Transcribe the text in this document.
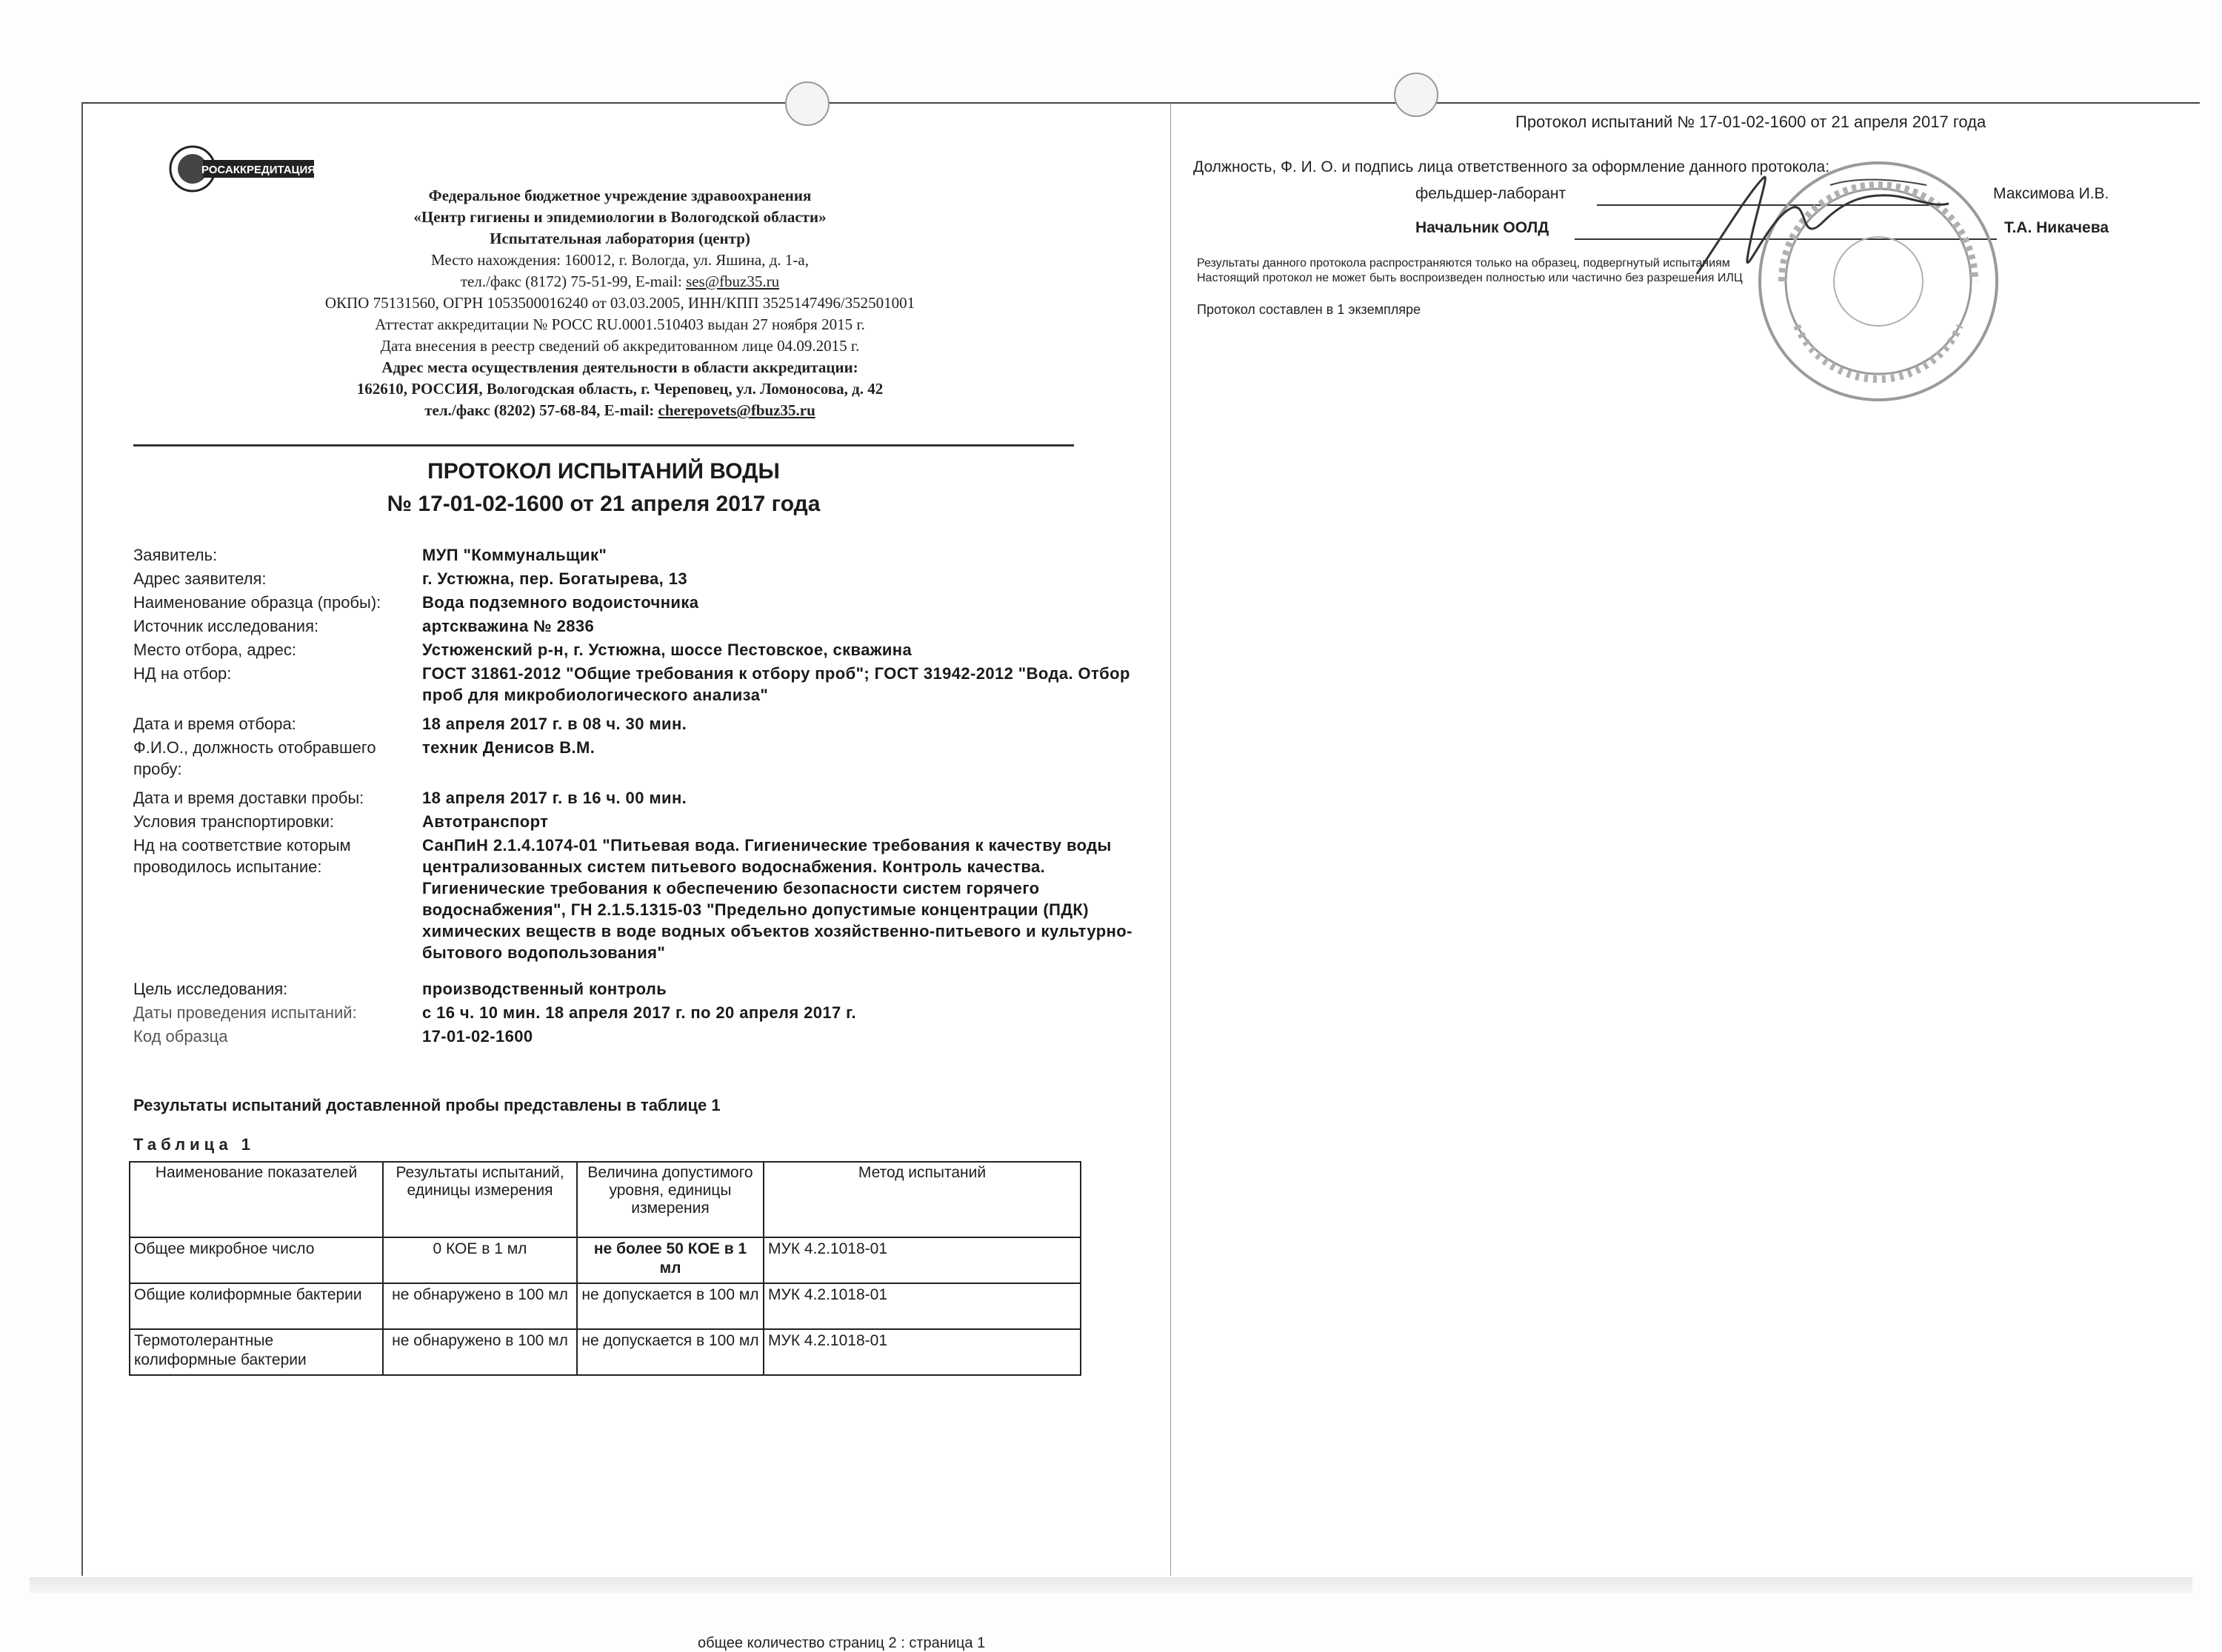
РОСАККРЕДИТАЦИЯ
Федеральное бюджетное учреждение здравоохранения
«Центр гигиены и эпидемиологии в Вологодской области»
Испытательная лаборатория (центр)
Место нахождения: 160012, г. Вологда, ул. Яшина, д. 1-а,
тел./факс (8172) 75-51-99, E-mail: ses@fbuz35.ru
ОКПО 75131560, ОГРН 1053500016240 от 03.03.2005, ИНН/КПП 3525147496/352501001
Аттестат аккредитации № РОСС RU.0001.510403 выдан 27 ноября 2015 г.
Дата внесения в реестр сведений об аккредитованном лице 04.09.2015 г.
Адрес места осуществления деятельности в области аккредитации:
162610, РОССИЯ, Вологодская область, г. Череповец, ул. Ломоносова, д. 42
тел./факс (8202) 57-68-84, E-mail: cherepovets@fbuz35.ru
ПРОТОКОЛ ИСПЫТАНИЙ ВОДЫ
№ 17-01-02-1600 от 21 апреля 2017 года
Заявитель:	МУП "Коммунальщик"
Адрес заявителя:	г. Устюжна, пер. Богатырева, 13
Наименование образца (пробы):	Вода подземного водоисточника
Источник исследования:	артскважина № 2836
Место отбора, адрес:	Устюженский р-н, г. Устюжна, шоссе Пестовское, скважина
НД на отбор:	ГОСТ 31861-2012 "Общие требования к отбору проб"; ГОСТ 31942-2012 "Вода. Отбор проб для микробиологического анализа"
Дата и время отбора:	18 апреля 2017 г. в 08 ч. 30 мин.
Ф.И.О., должность отобравшего пробу:
техник Денисов В.М.
Дата и время доставки пробы:	18 апреля 2017 г. в 16 ч. 00 мин.
Условия транспортировки:	Автотранспорт
Нд на соответствие которым проводилось испытание:
СанПиН 2.1.4.1074-01 "Питьевая вода. Гигиенические требования к качеству воды централизованных систем питьевого водоснабжения. Контроль качества. Гигиенические требования к обеспечению безопасности систем горячего водоснабжения", ГН 2.1.5.1315-03 "Предельно допустимые концентрации (ПДК) химических веществ в воде водных объектов хозяйственно-питьевого и культурно-бытового водопользования"
Цель исследования:	производственный контроль
Даты проведения испытаний:	с 16 ч. 10 мин. 18 апреля 2017 г. по 20 апреля 2017 г.
Код образца	17-01-02-1600
Результаты испытаний доставленной пробы представлены в таблице 1
Таблица 1
Наименование показателей	Результаты испытаний, единицы измерения	Величина допустимого уровня, единицы измерения	Метод испытаний
Общее микробное число	0 КОЕ в 1 мл	не более 50 КОЕ в 1 мл	МУК 4.2.1018-01
Общие колиформные бактерии	не обнаружено в 100 мл	не допускается в 100 мл	МУК 4.2.1018-01
Термотолерантные колиформные бактерии	не обнаружено в 100 мл	не допускается в 100 мл	МУК 4.2.1018-01
общее количество страниц 2 : страница 1
Протокол испытаний № 17-01-02-1600 от 21 апреля 2017 года
Должность, Ф. И. О. и подпись лица ответственного за оформление данного протокола:
фельдшер-лаборант	Максимова И.В.
Начальник ООЛД	Т.А. Никачева
Результаты данного протокола распространяются только на образец, подвергнутый испытаниям
Настоящий протокол не может быть воспроизведен полностью или частично без разрешения ИЛЦ
Протокол составлен в 1 экземпляре
